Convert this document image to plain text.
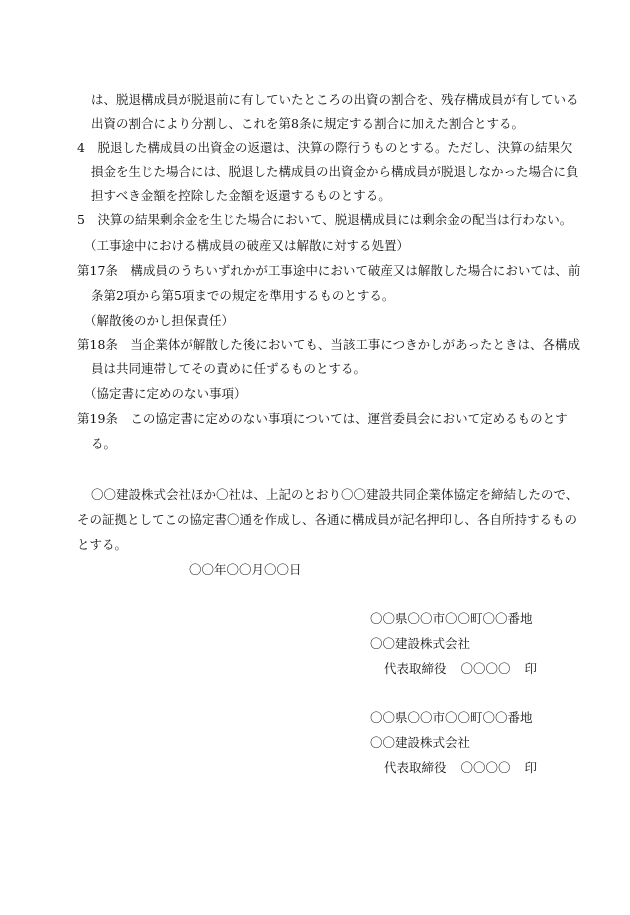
は、脱退構成員が脱退前に有していたところの出資の割合を、残存構成員が有している
出資の割合により分割し、これを第8条に規定する割合に加えた割合とする。
4　脱退した構成員の出資金の返還は、決算の際行うものとする。ただし、決算の結果欠
損金を生じた場合には、脱退した構成員の出資金から構成員が脱退しなかった場合に負
担すべき金額を控除した金額を返還するものとする。
5　決算の結果剰余金を生じた場合において、脱退構成員には剰余金の配当は行わない。
（工事途中における構成員の破産又は解散に対する処置）
第17条　構成員のうちいずれかが工事途中において破産又は解散した場合においては、前
条第2項から第5項までの規定を準用するものとする。
（解散後のかし担保責任）
第18条　当企業体が解散した後においても、当該工事につきかしがあったときは、各構成
員は共同連帯してその責めに任ずるものとする。
（協定書に定めのない事項）
第19条　この協定書に定めのない事項については、運営委員会において定めるものとす
る。
〇〇建設株式会社ほか〇社は、上記のとおり〇〇建設共同企業体協定を締結したので、
その証拠としてこの協定書〇通を作成し、各通に構成員が記名押印し、各自所持するもの
とする。
〇〇年〇〇月〇〇日
〇〇県〇〇市〇〇町〇〇番地
〇〇建設株式会社
代表取締役 〇〇〇〇 印
〇〇県〇〇市〇〇町〇〇番地
〇〇建設株式会社
代表取締役 〇〇〇〇 印
